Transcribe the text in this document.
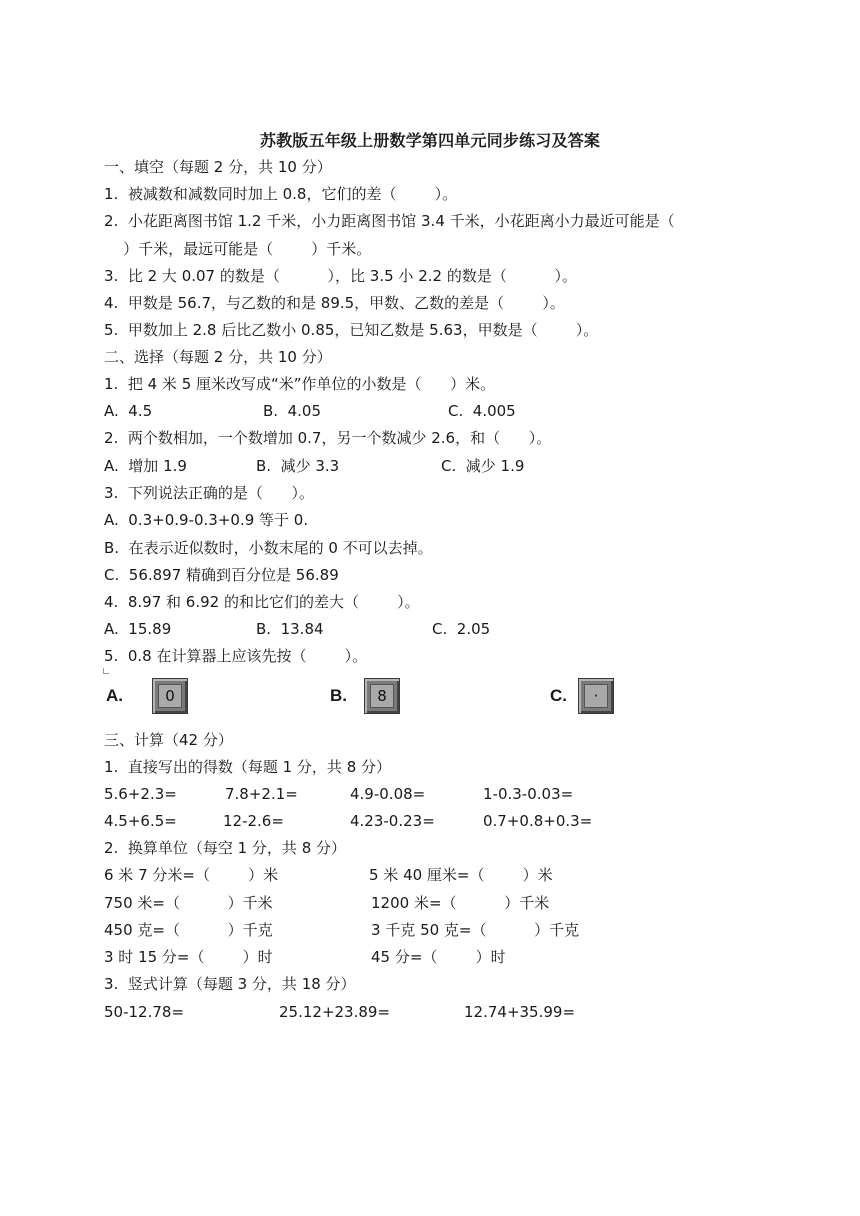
苏教版五年级上册数学第四单元同步练习及答案
一、填空（每题 2 分，共 10 分）
1.  被减数和减数同时加上 0.8，它们的差（        ）。
2.  小花距离图书馆 1.2 千米，小力距离图书馆 3.4 千米，小花距离小力最近可能是（
）千米，最远可能是（        ）千米。
3.  比 2 大 0.07 的数是（          ），比 3.5 小 2.2 的数是（          ）。
4.  甲数是 56.7，与乙数的和是 89.5，甲数、乙数的差是（        ）。
5.  甲数加上 2.8 后比乙数小 0.85，已知乙数是 5.63，甲数是（        ）。
二、选择（每题 2 分，共 10 分）
1.  把 4 米 5 厘米改写成“米”作单位的小数是（      ）米。
A.  4.5	B.  4.05	C.  4.005
2.  两个数相加，一个数增加 0.7，另一个数减少 2.6，和（      ）。
A.  增加 1.9	B.  减少 3.3	C.  减少 1.9
3.  下列说法正确的是（      ）。
A.  0.3+0.9-0.3+0.9 等于 0.
B.  在表示近似数时，小数末尾的 0 不可以去掉。
C.  56.897 精确到百分位是 56.89
4.  8.97 和 6.92 的和比它们的差大（        ）。
A.  15.89	B.  13.84	C.  2.05
5.  0.8 在计算器上应该先按（        ）。
A.	0	B.	8	C.	·
三、计算（42 分）
1.  直接写出的得数（每题 1 分，共 8 分）
5.6+2.3=	7.8+2.1=	4.9-0.08=	1-0.3-0.03=
4.5+6.5=	12-2.6=	4.23-0.23=	0.7+0.8+0.3=
2.  换算单位（每空 1 分，共 8 分）
6 米 7 分米=（        ）米	5 米 40 厘米=（        ）米
750 米=（          ）千米	1200 米=（          ）千米
450 克=（          ）千克	3 千克 50 克=（          ）千克
3 时 15 分=（        ）时	45 分=（        ）时
3.  竖式计算（每题 3 分，共 18 分）
50-12.78=	25.12+23.89=	12.74+35.99=
